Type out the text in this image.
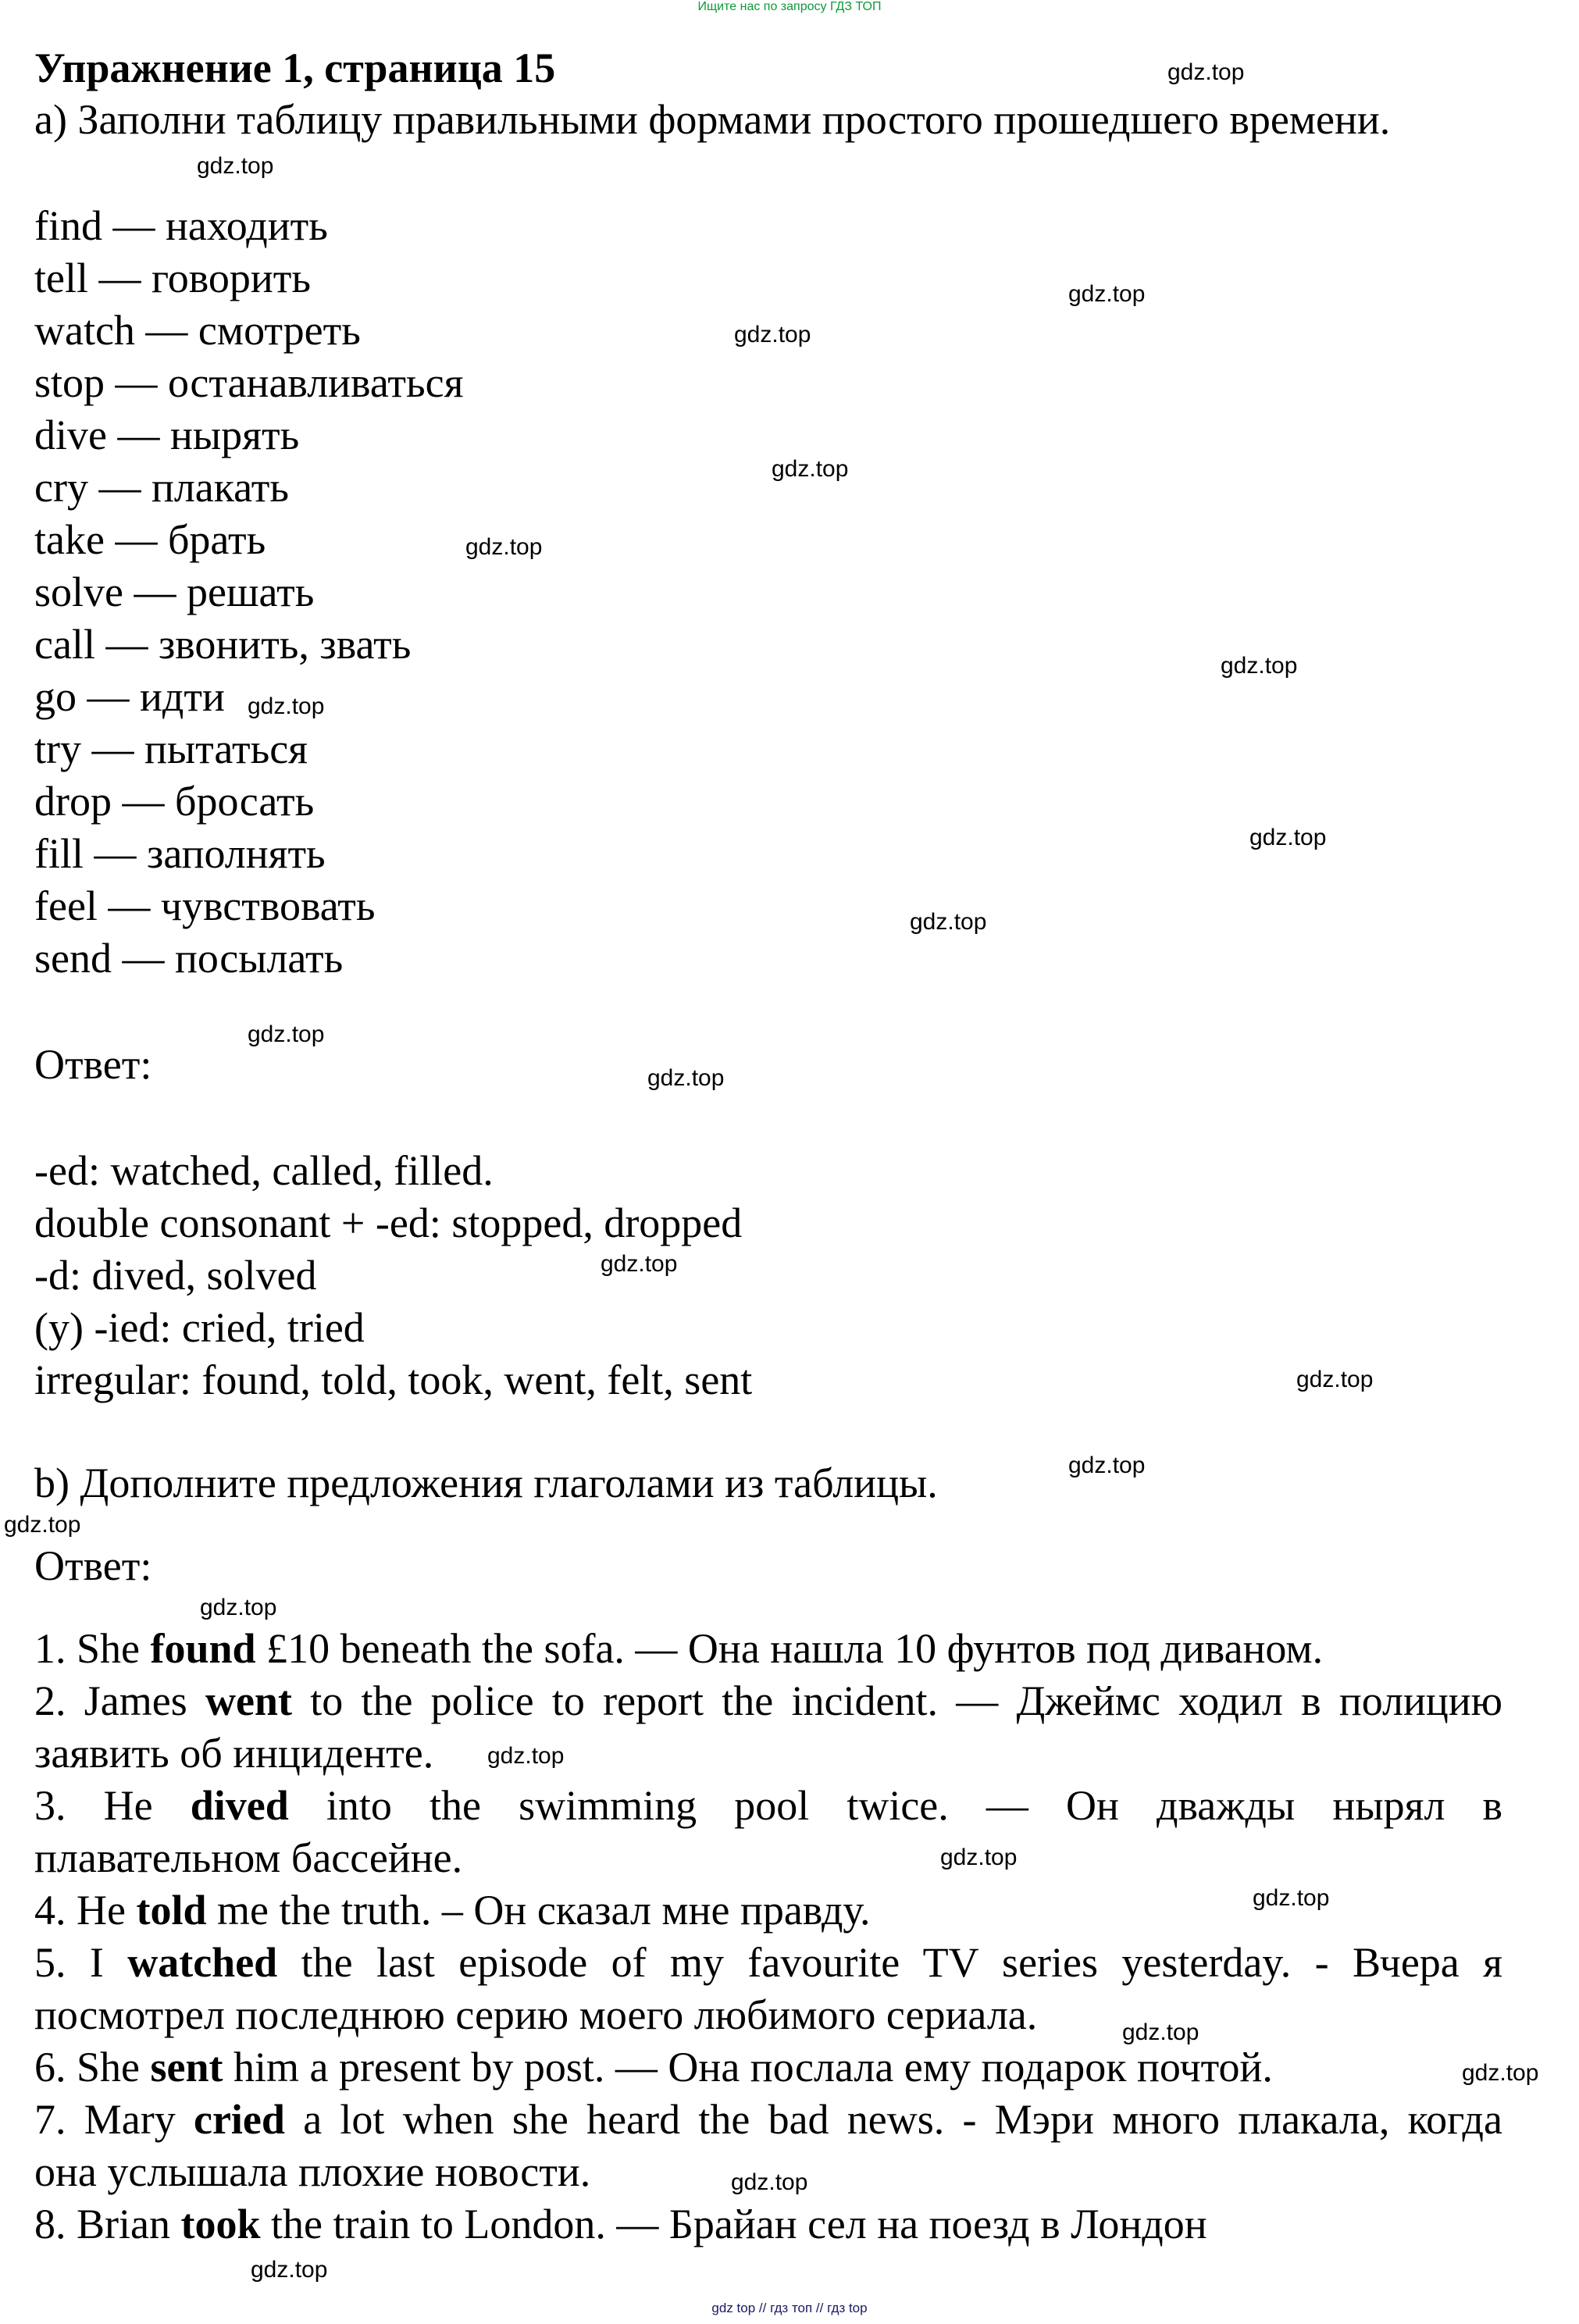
Ищите нас по запросу ГДЗ ТОП
Упражнение 1, страница 15
а) Заполни таблицу правильными формами простого прошедшего времени.
find — находить
tell — говорить
watch — смотреть
stop — останавливаться
dive — нырять
cry — плакать
take — брать
solve — решать
call — звонить, звать
go — идти
try — пытаться
drop — бросать
fill — заполнять
feel — чувствовать
send — посылать
Ответ:
-ed: watched, called, filled.
double consonant + -ed: stopped, dropped
-d: dived, solved
(y) -ied: cried, tried
irregular: found, told, took, went, felt, sent
b) Дополните предложения глаголами из таблицы.
Ответ:
1. She found £10 beneath the sofa. — Она нашла 10 фунтов под диваном.
2. James went to the police to report the incident. — Джеймс ходил в полицию
заявить об инциденте.
3. He dived into the swimming pool twice. — Он дважды нырял в
плавательном бассейне.
4. He told me the truth. – Он сказал мне правду.
5. I watched the last episode of my favourite TV series yesterday. - Вчера я
посмотрел последнюю серию моего любимого сериала.
6. She sent him a present by post. — Она послала ему подарок почтой.
7. Mary cried a lot when she heard the bad news. - Мэри много плакала, когда
она услышала плохие новости.
8. Brian took the train to London. — Брайан сел на поезд в Лондон
gdz.top
gdz.top
gdz.top
gdz.top
gdz.top
gdz.top
gdz.top
gdz.top
gdz.top
gdz.top
gdz.top
gdz.top
gdz.top
gdz.top
gdz.top
gdz.top
gdz.top
gdz.top
gdz.top
gdz.top
gdz.top
gdz.top
gdz.top
gdz.top
gdz top // гдз топ // гдз top
